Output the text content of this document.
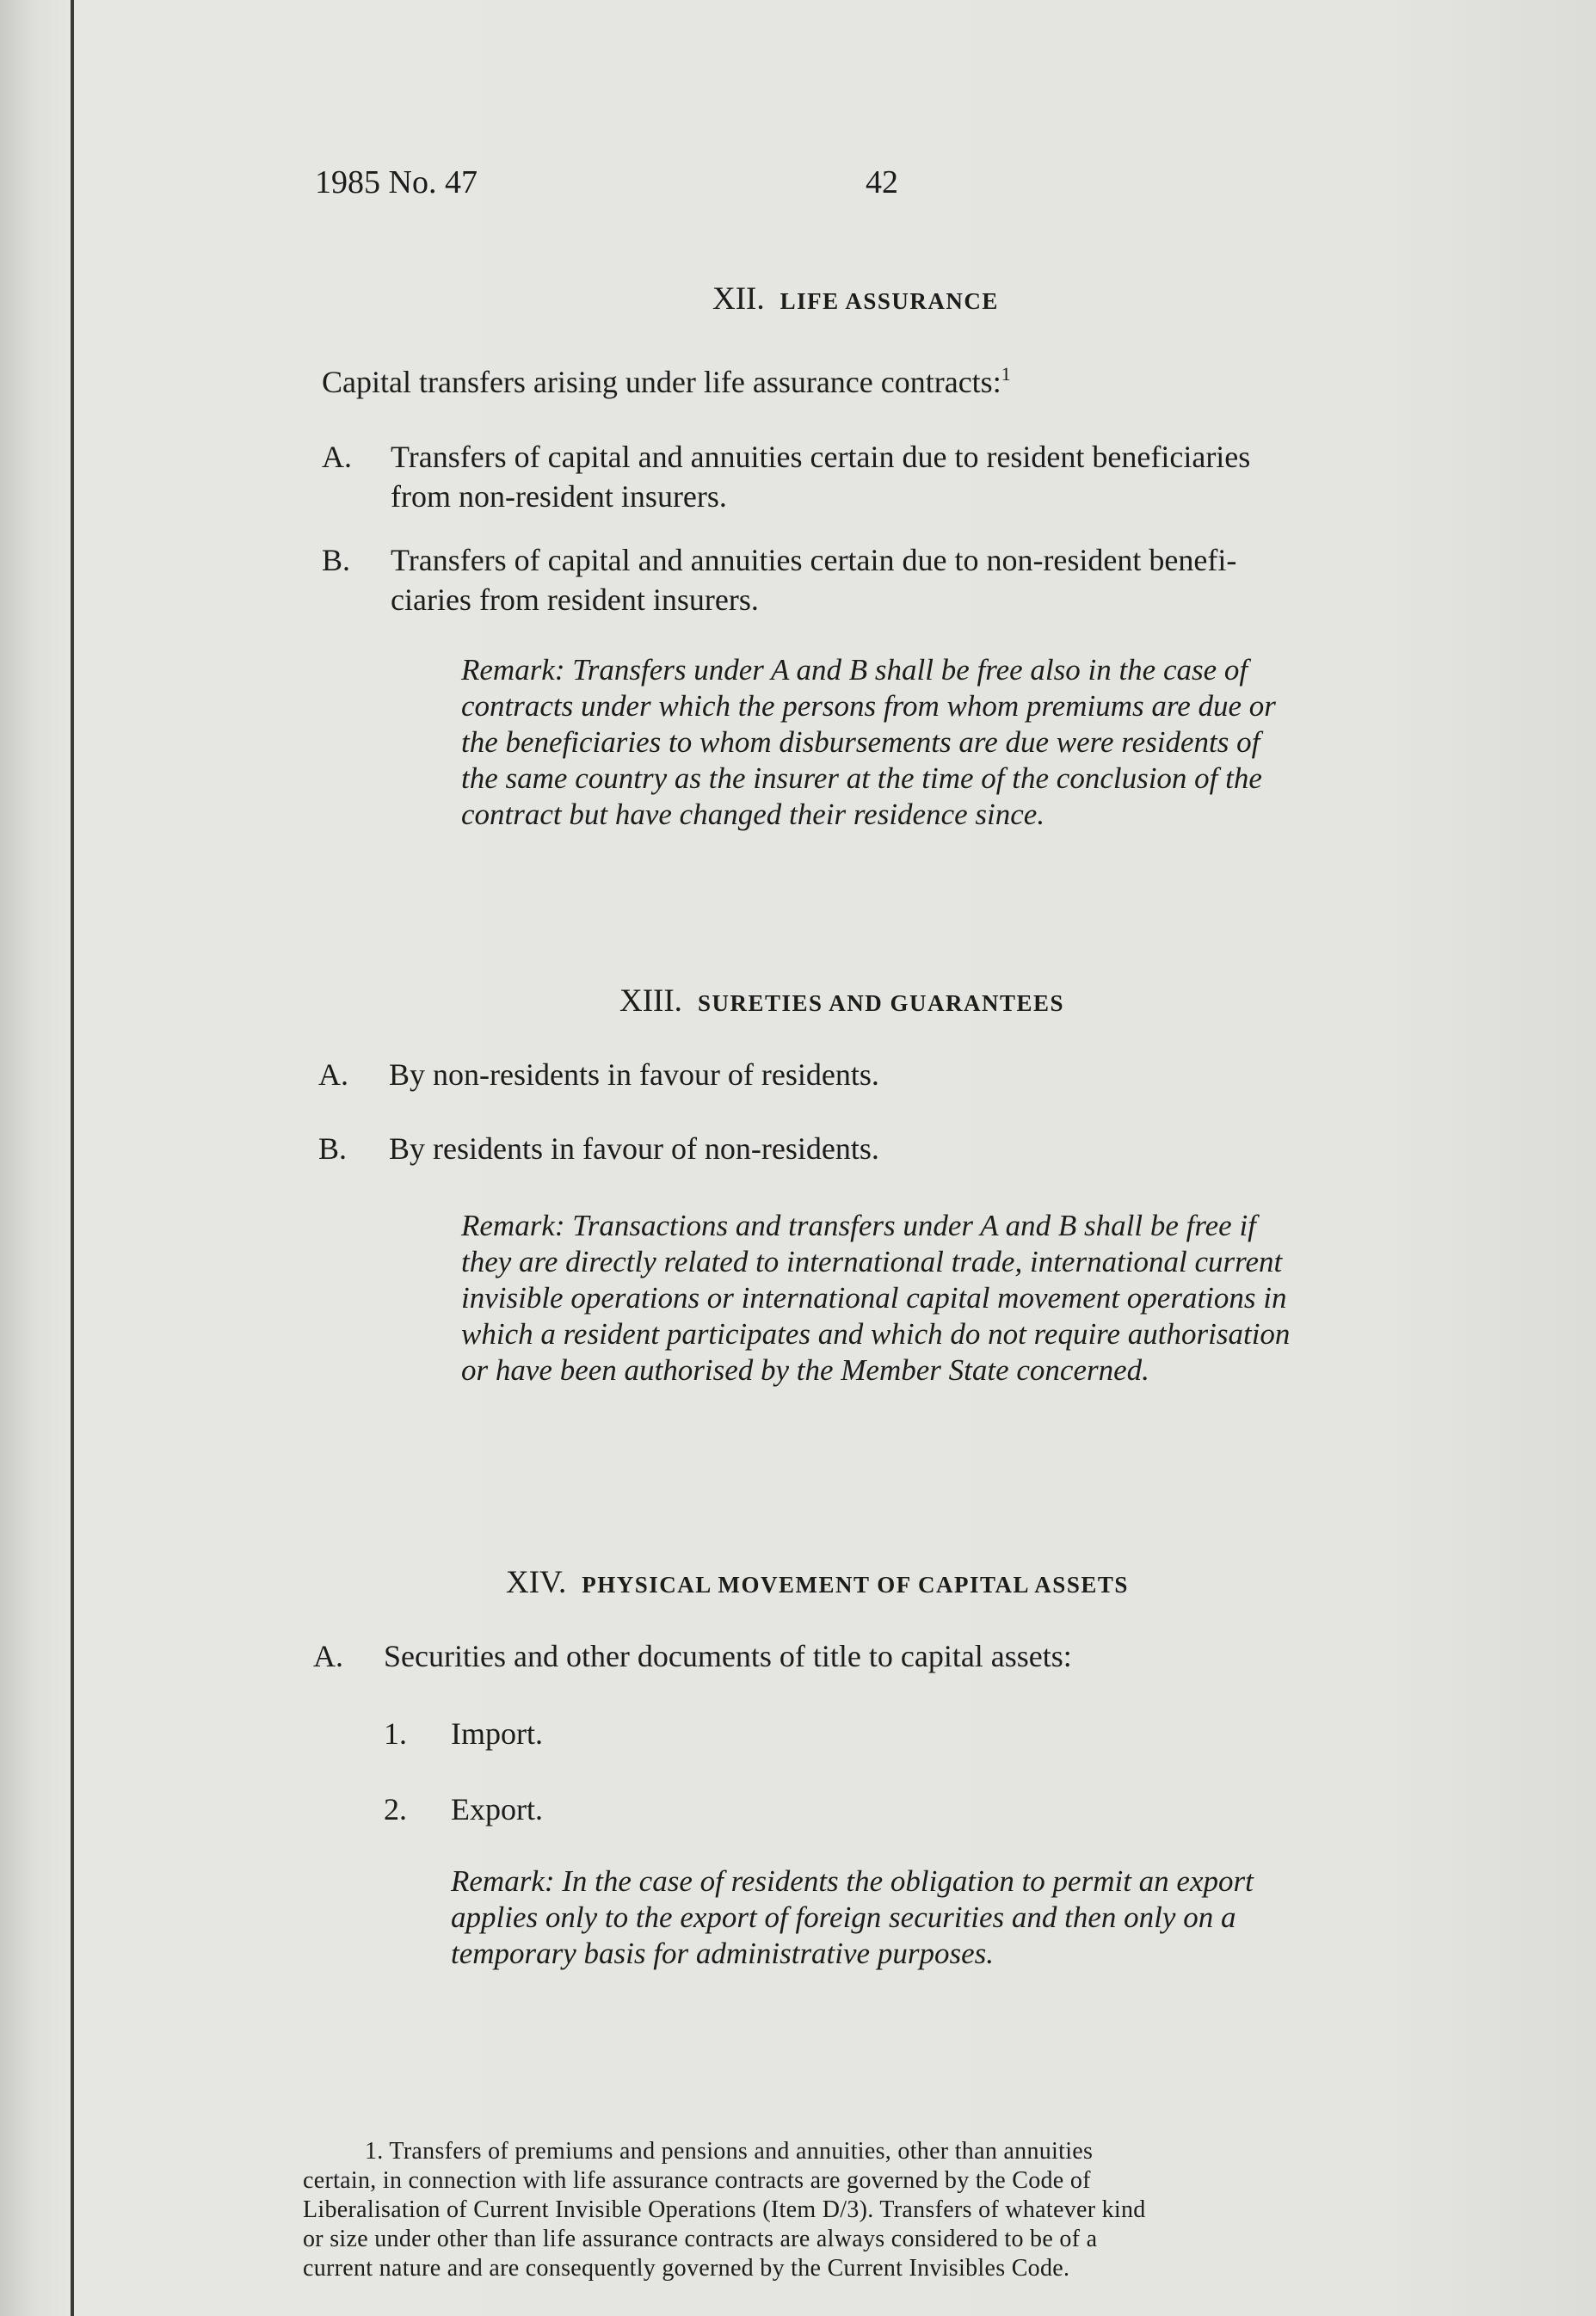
1985 No. 47	42
XII. LIFE ASSURANCE
Capital transfers arising under life assurance contracts:$^1$
A. Transfers of capital and annuities certain due to resident beneficiaries
from non-resident insurers.
B. Transfers of capital and annuities certain due to non-resident benefi-
ciaries from resident insurers.
Remark: Transfers under A and B shall be free also in the case of
contracts under which the persons from whom premiums are due or
the beneficiaries to whom disbursements are due were residents of
the same country as the insurer at the time of the conclusion of the
contract but have changed their residence since.
XIII. SURETIES AND GUARANTEES
A. By non-residents in favour of residents.
B. By residents in favour of non-residents.
Remark: Transactions and transfers under A and B shall be free if
they are directly related to international trade, international current
invisible operations or international capital movement operations in
which a resident participates and which do not require authorisation
or have been authorised by the Member State concerned.
XIV. PHYSICAL MOVEMENT OF CAPITAL ASSETS
A. Securities and other documents of title to capital assets:
1. Import.
2. Export.
Remark: In the case of residents the obligation to permit an export
applies only to the export of foreign securities and then only on a
temporary basis for administrative purposes.
1. Transfers of premiums and pensions and annuities, other than annuities
certain, in connection with life assurance contracts are governed by the Code of
Liberalisation of Current Invisible Operations (Item D/3). Transfers of whatever kind
or size under other than life assurance contracts are always considered to be of a
current nature and are consequently governed by the Current Invisibles Code.
